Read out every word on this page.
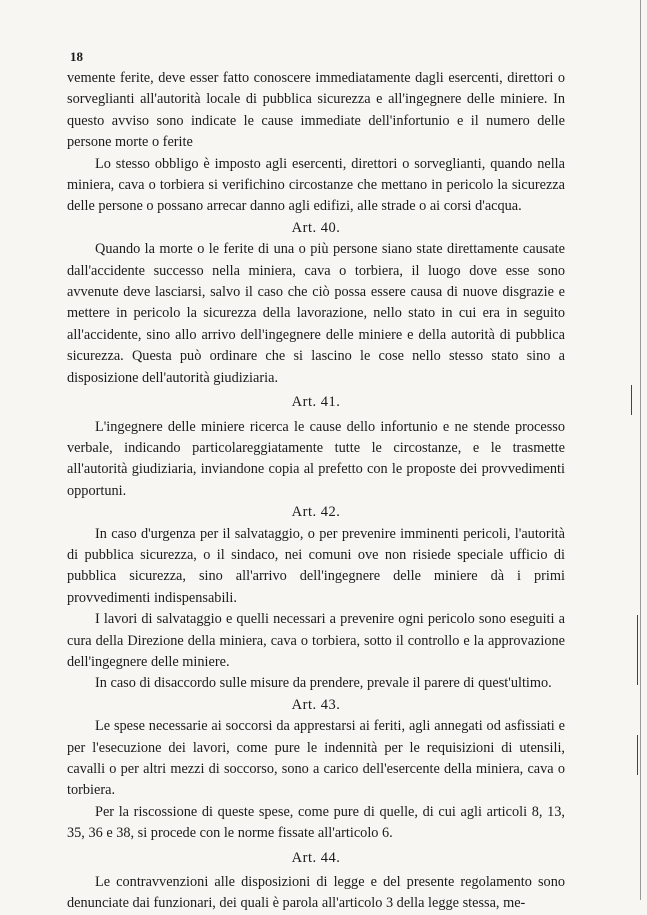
18

vemente ferite, deve esser fatto conoscere immediatamente dagli esercenti, direttori o sorveglianti all'autorità locale di pubblica sicurezza e all'ingegnere delle miniere. In questo avviso sono indicate le cause immediate dell'infortunio e il numero delle persone morte o ferite

Lo stesso obbligo è imposto agli esercenti, direttori o sorveglianti, quando nella miniera, cava o torbiera si verifichino circostanze che mettano in pericolo la sicurezza delle persone o possano arrecar danno agli edifizi, alle strade o ai corsi d'acqua.

Art. 40.

Quando la morte o le ferite di una o più persone siano state direttamente causate dall'accidente successo nella miniera, cava o torbiera, il luogo dove esse sono avvenute deve lasciarsi, salvo il caso che ciò possa essere causa di nuove disgrazie e mettere in pericolo la sicurezza della lavorazione, nello stato in cui era in seguito all'accidente, sino allo arrivo dell'ingegnere delle miniere e della autorità di pubblica sicurezza. Questa può ordinare che si lascino le cose nello stesso stato sino a disposizione dell'autorità giudiziaria.

Art. 41.

L'ingegnere delle miniere ricerca le cause dello infortunio e ne stende processo verbale, indicando particolareggiatamente tutte le circostanze, e le trasmette all'autorità giudiziaria, inviandone copia al prefetto con le proposte dei provvedimenti opportuni.

Art. 42.

In caso d'urgenza per il salvataggio, o per prevenire imminenti pericoli, l'autorità di pubblica sicurezza, o il sindaco, nei comuni ove non risiede speciale ufficio di pubblica sicurezza, sino all'arrivo dell'ingegnere delle miniere dà i primi provvedimenti indispensabili.

I lavori di salvataggio e quelli necessari a prevenire ogni pericolo sono eseguiti a cura della Direzione della miniera, cava o torbiera, sotto il controllo e la approvazione dell'ingegnere delle miniere.

In caso di disaccordo sulle misure da prendere, prevale il parere di quest'ultimo.

Art. 43.

Le spese necessarie ai soccorsi da apprestarsi ai feriti, agli annegati od asfissiati e per l'esecuzione dei lavori, come pure le indennità per le requisizioni di utensili, cavalli o per altri mezzi di soccorso, sono a carico dell'esercente della miniera, cava o torbiera.

Per la riscossione di queste spese, come pure di quelle, di cui agli articoli 8, 13, 35, 36 e 38, si procede con le norme fissate all'articolo 6.

Art. 44.

Le contravvenzioni alle disposizioni di legge e del presente regolamento sono denunciate dai funzionari, dei quali è parola all'articolo 3 della legge stessa, me-
